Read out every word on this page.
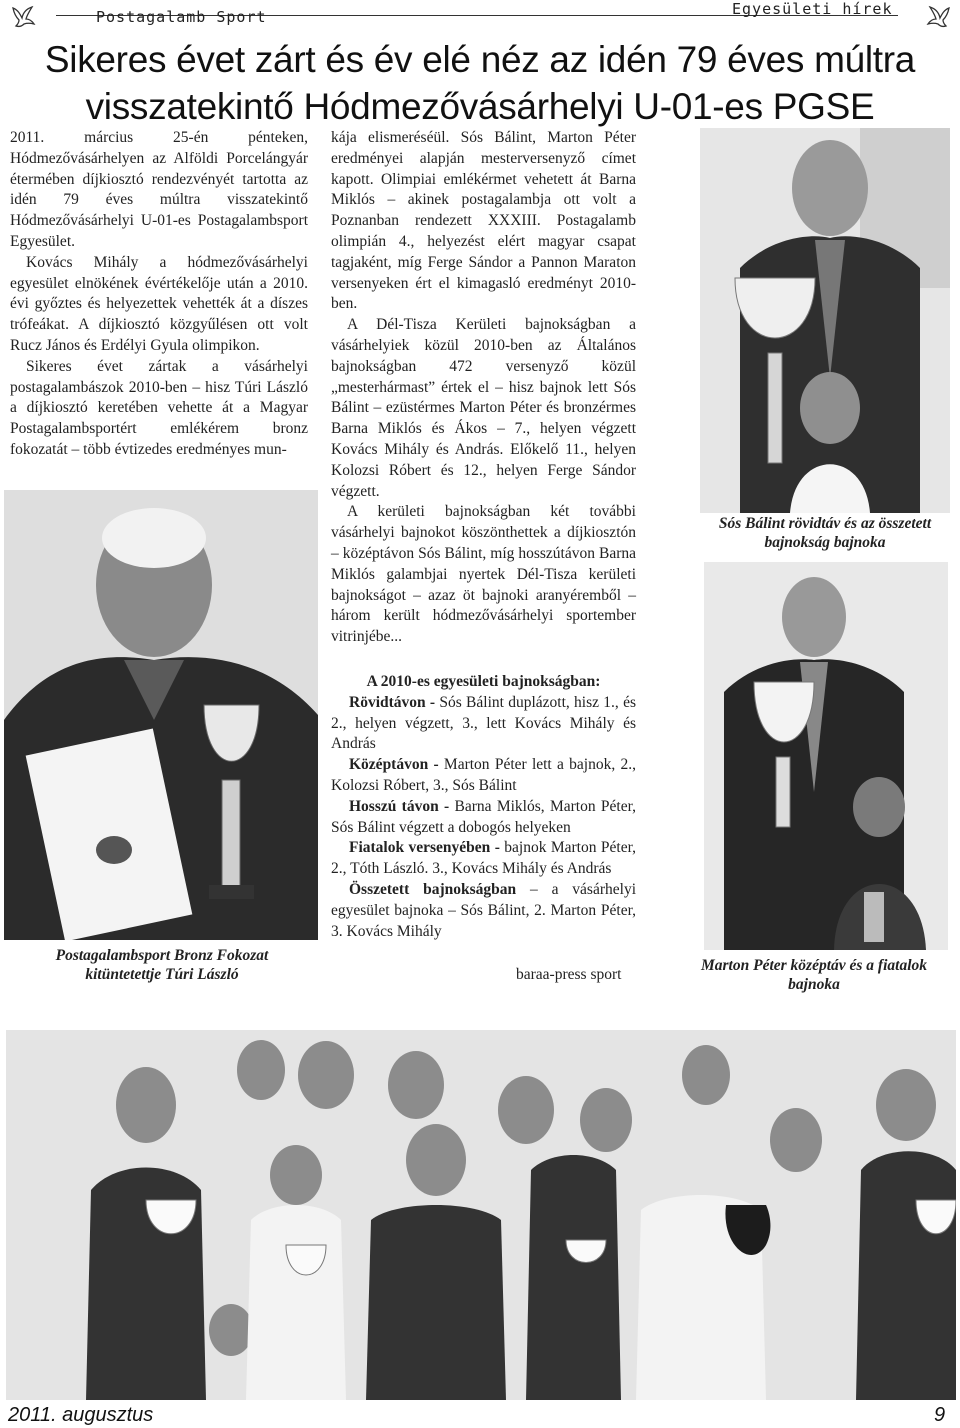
Postagalamb Sport	Egyesületi hírek
Sikeres évet zárt és év elé néz az idén 79 éves múltra
visszatekintő Hódmezővásárhelyi U-01-es PGSE

2011. március 25-én pénteken, Hódmezővásárhelyen az Alföldi Porcelángyár étermében díjkiosztó rendezvényét tartotta az idén 79 éves múltra visszatekintő Hódmezővásárhelyi U-01-es Postagalambsport Egyesület.

Kovács Mihály a hódmezővásárhelyi egyesület elnökének évértékelője után a 2010. évi győztes és helyezettek vehették át a díszes trófeákat. A díjkiosztó közgyűlésen ott volt Rucz János és Erdélyi Gyula olimpikon.

Sikeres évet zártak a vásárhelyi postagalambászok 2010-ben – hisz Túri László a díjkiosztó keretében vehette át a Magyar Postagalambsportért emlékérem bronz fokozatát – több évtizedes eredményes mun-

kája elismeréséül. Sós Bálint, Marton Péter eredményei alapján mesterversenyző címet kapott. Olimpiai emlékérmet vehetett át Barna Miklós – akinek postagalambja ott volt a Poznanban rendezett XXXIII. Postagalamb olimpián 4., helyezést elért magyar csapat tagjaként, míg Ferge Sándor a Pannon Maraton versenyeken ért el kimagasló eredményt 2010-ben.

A Dél-Tisza Kerületi bajnokságban a vásárhelyiek közül 2010-ben az Általános bajnokságban 472 versenyző közül „mesterhármast” értek el – hisz bajnok lett Sós Bálint – ezüstérmes Marton Péter és bronzérmes Barna Miklós és Ákos – 7., helyen végzett Kovács Mihály és András. Előkelő 11., helyen Kolozsi Róbert és 12., helyen Ferge Sándor végzett.

A kerületi bajnokságban két további vásárhelyi bajnokot köszönthettek a díjkiosztón – középtávon Sós Bálint, míg hosszútávon Barna Miklós galambjai nyertek Dél-Tisza kerületi bajnokságot – azaz öt bajnoki aranyéremből – három került hódmezővásárhelyi sportember vitrinjébe...

A 2010-es egyesületi bajnokságban:

Rövidtávon - Sós Bálint duplázott, hisz 1., és 2., helyen végzett, 3., lett Kovács Mihály és András

Középtávon - Marton Péter lett a bajnok, 2., Kolozsi Róbert, 3., Sós Bálint

Hosszú távon - Barna Miklós, Marton Péter, Sós Bálint végzett a dobogós helyeken

Fiatalok versenyében - bajnok Marton Péter, 2., Tóth László. 3., Kovács Mihály és András

Összetett bajnokságban – a vásárhelyi egyesület bajnoka – Sós Bálint, 2. Marton Péter, 3. Kovács Mihály

baraa-press sport
Postagalambsport Bronz Fokozat kitüntetettje Túri László
Sós Bálint rövidtáv és az összetett bajnokság bajnoka
Marton Péter középtáv és a fiatalok bajnoka
2011. augusztus	9
